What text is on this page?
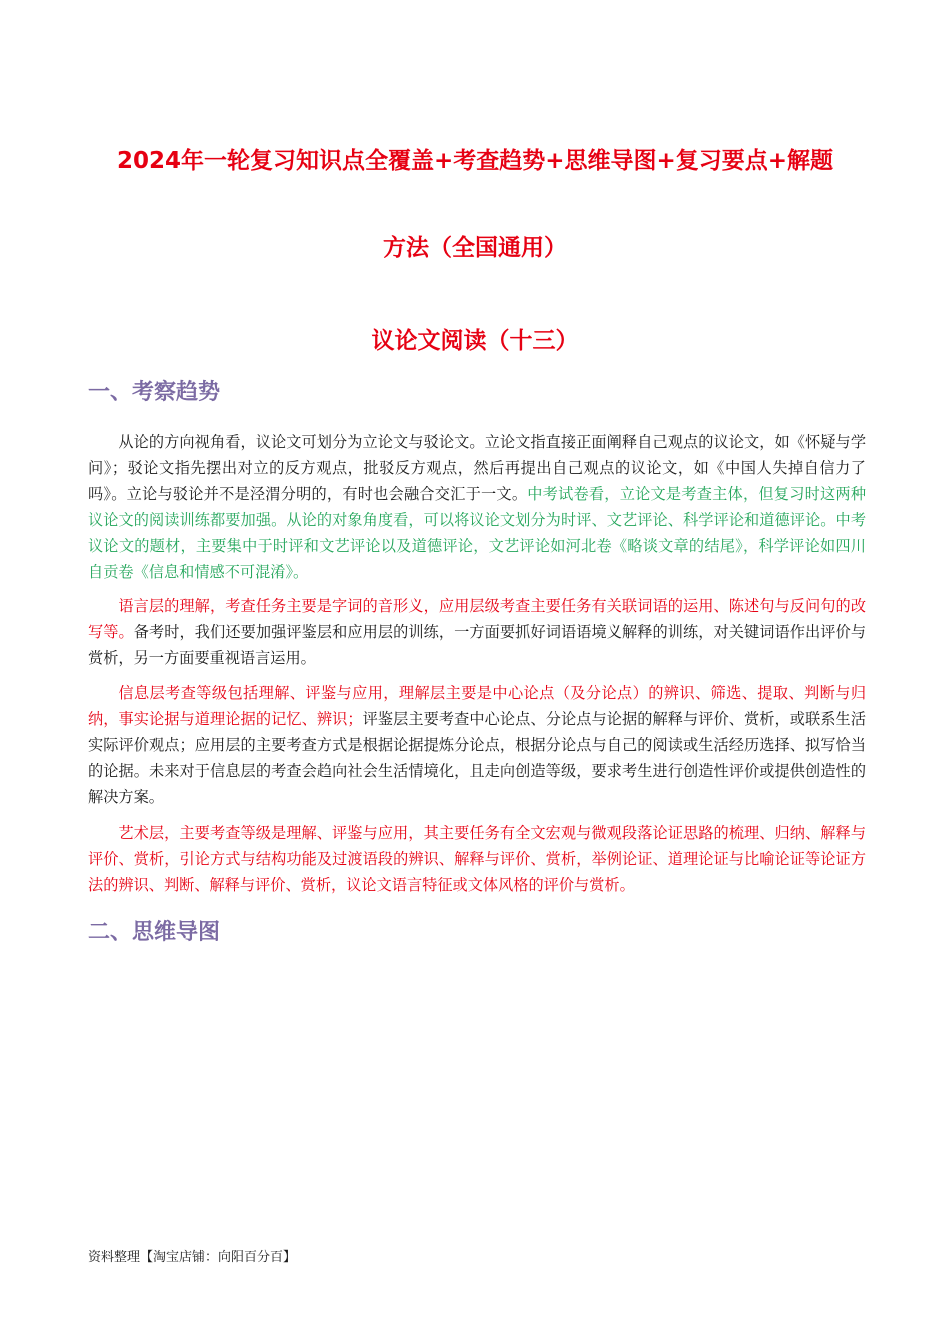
2024年一轮复习知识点全覆盖+考查趋势+思维导图+复习要点+解题
方法（全国通用）
议论文阅读（十三）
一、考察趋势

从论的方向视角看，议论文可划分为立论文与驳论文。立论文指直接正面阐释自己观点的议论文，如《怀疑与学问》；驳论文指先摆出对立的反方观点，批驳反方观点，然后再提出自己观点的议论文，如《中国人失掉自信力了吗》。立论与驳论并不是泾渭分明的，有时也会融合交汇于一文。中考试卷看，立论文是考查主体，但复习时这两种议论文的阅读训练都要加强。从论的对象角度看，可以将议论文划分为时评、文艺评论、科学评论和道德评论。中考议论文的题材，主要集中于时评和文艺评论以及道德评论，文艺评论如河北卷《略谈文章的结尾》，科学评论如四川自贡卷《信息和情感不可混淆》。

语言层的理解，考查任务主要是字词的音形义，应用层级考查主要任务有关联词语的运用、陈述句与反问句的改写等。备考时，我们还要加强评鉴层和应用层的训练，一方面要抓好词语语境义解释的训练，对关键词语作出评价与赏析，另一方面要重视语言运用。

信息层考查等级包括理解、评鉴与应用，理解层主要是中心论点（及分论点）的辨识、筛选、提取、判断与归纳，事实论据与道理论据的记忆、辨识；评鉴层主要考查中心论点、分论点与论据的解释与评价、赏析，或联系生活实际评价观点；应用层的主要考查方式是根据论据提炼分论点，根据分论点与自己的阅读或生活经历选择、拟写恰当的论据。未来对于信息层的考查会趋向社会生活情境化，且走向创造等级，要求考生进行创造性评价或提供创造性的解决方案。

艺术层，主要考查等级是理解、评鉴与应用，其主要任务有全文宏观与微观段落论证思路的梳理、归纳、解释与评价、赏析，引论方式与结构功能及过渡语段的辨识、解释与评价、赏析，举例论证、道理论证与比喻论证等论证方法的辨识、判断、解释与评价、赏析，议论文语言特征或文体风格的评价与赏析。

二、思维导图
资料整理【淘宝店铺：向阳百分百】
